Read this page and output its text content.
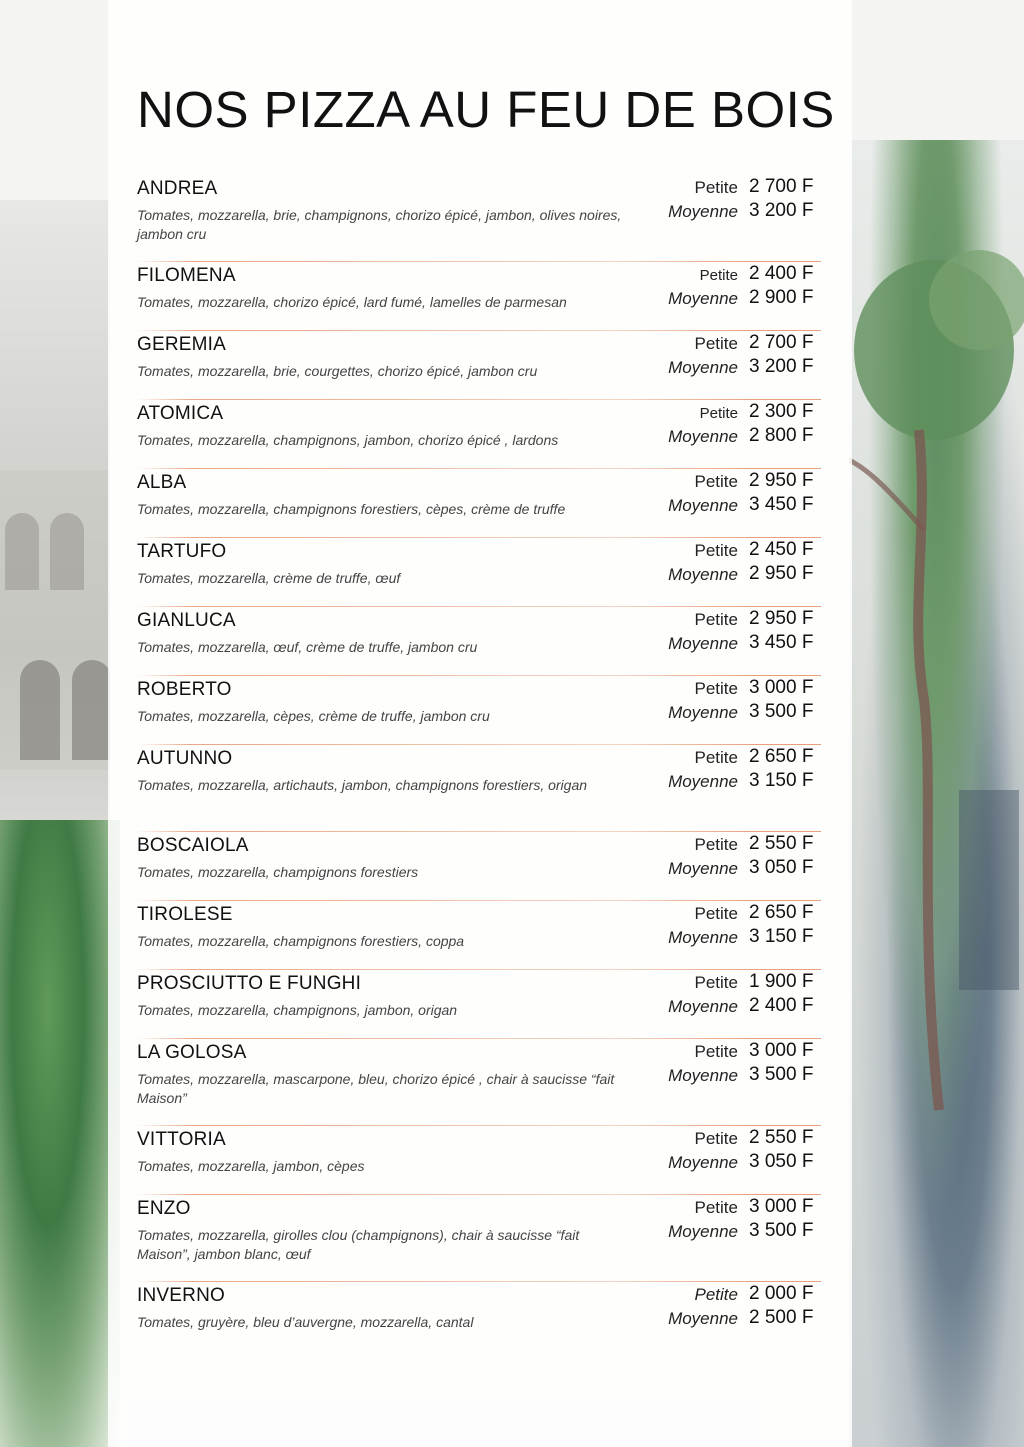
NOS PIZZA AU FEU DE BOIS
ANDREA
Tomates, mozzarella, brie, champignons, chorizo épicé, jambon, olives noires, jambon cru
Petite 2 700 F
Moyenne 3 200 F
FILOMENA
Tomates, mozzarella, chorizo épicé, lard fumé, lamelles de parmesan
Petite 2 400 F
Moyenne 2 900 F
GEREMIA
Tomates, mozzarella, brie, courgettes, chorizo épicé, jambon cru
Petite 2 700 F
Moyenne 3 200 F
ATOMICA
Tomates, mozzarella, champignons, jambon, chorizo épicé , lardons
Petite 2 300 F
Moyenne 2 800 F
ALBA
Tomates, mozzarella, champignons forestiers, cèpes, crème de truffe
Petite 2 950 F
Moyenne 3 450 F
TARTUFO
Tomates, mozzarella, crème de truffe, œuf
Petite 2 450 F
Moyenne 2 950 F
GIANLUCA
Tomates, mozzarella, œuf, crème de truffe, jambon cru
Petite 2 950 F
Moyenne 3 450 F
ROBERTO
Tomates, mozzarella, cèpes, crème de truffe, jambon cru
Petite 3 000 F
Moyenne 3 500 F
AUTUNNO
Tomates, mozzarella, artichauts, jambon, champignons forestiers, origan
Petite 2 650 F
Moyenne 3 150 F
BOSCAIOLA
Tomates, mozzarella, champignons forestiers
Petite 2 550 F
Moyenne 3 050 F
TIROLESE
Tomates, mozzarella, champignons forestiers, coppa
Petite 2 650 F
Moyenne 3 150 F
PROSCIUTTO E FUNGHI
Tomates, mozzarella, champignons, jambon, origan
Petite 1 900 F
Moyenne 2 400 F
LA GOLOSA
Tomates, mozzarella, mascarpone, bleu, chorizo épicé , chair à saucisse “fait Maison”
Petite 3 000 F
Moyenne 3 500 F
VITTORIA
Tomates, mozzarella, jambon, cèpes
Petite 2 550 F
Moyenne 3 050 F
ENZO
Tomates, mozzarella, girolles clou (champignons), chair à saucisse “fait Maison”, jambon blanc, œuf
Petite 3 000 F
Moyenne 3 500 F
INVERNO
Tomates, gruyère, bleu d’auvergne, mozzarella, cantal
Petite 2 000 F
Moyenne 2 500 F
